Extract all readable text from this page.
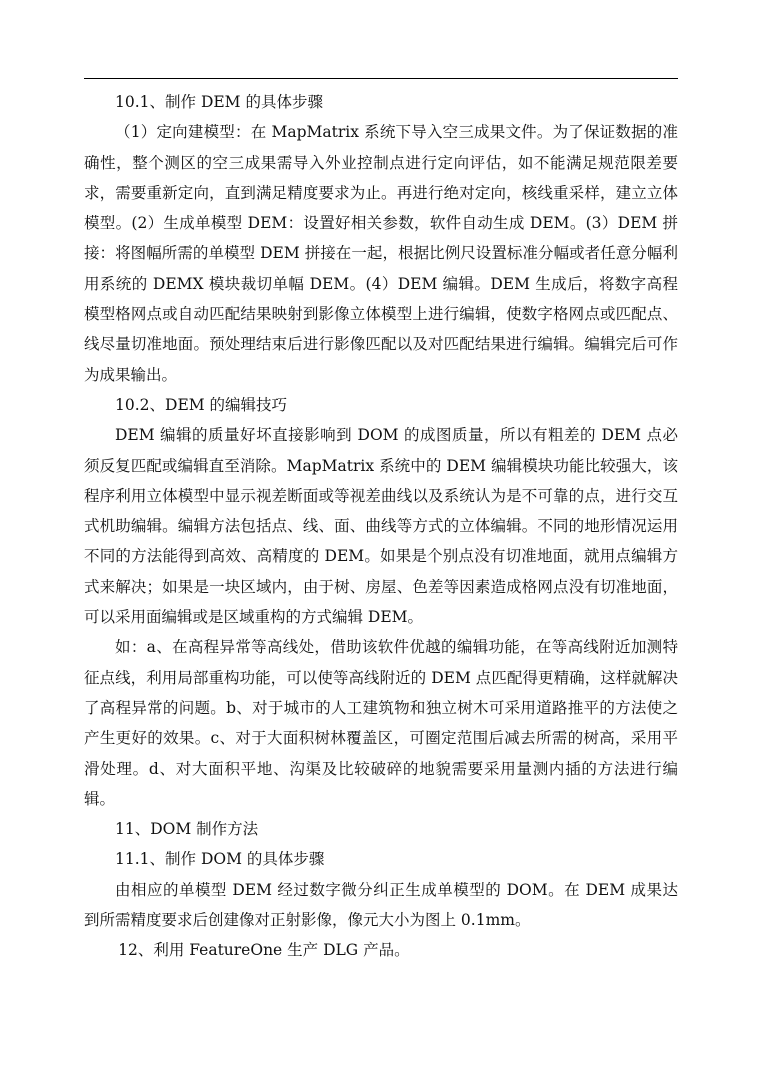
10.1、制作 DEM 的具体步骤

（1）定向建模型：在 MapMatrix 系统下导入空三成果文件。为了保证数据的准确性，整个测区的空三成果需导入外业控制点进行定向评估，如不能满足规范限差要求，需要重新定向，直到满足精度要求为止。再进行绝对定向，核线重采样，建立立体模型。(2）生成单模型 DEM：设置好相关参数，软件自动生成 DEM。(3）DEM 拼接：将图幅所需的单模型 DEM 拼接在一起，根据比例尺设置标准分幅或者任意分幅利用系统的 DEMX 模块裁切单幅 DEM。(4）DEM 编辑。DEM 生成后，将数字高程模型格网点或自动匹配结果映射到影像立体模型上进行编辑，使数字格网点或匹配点、线尽量切准地面。预处理结束后进行影像匹配以及对匹配结果进行编辑。编辑完后可作为成果输出。

10.2、DEM 的编辑技巧

DEM 编辑的质量好坏直接影响到 DOM 的成图质量，所以有粗差的 DEM 点必须反复匹配或编辑直至消除。MapMatrix 系统中的 DEM 编辑模块功能比较强大，该程序利用立体模型中显示视差断面或等视差曲线以及系统认为是不可靠的点，进行交互式机助编辑。编辑方法包括点、线、面、曲线等方式的立体编辑。不同的地形情况运用不同的方法能得到高效、高精度的 DEM。如果是个别点没有切准地面，就用点编辑方式来解决；如果是一块区域内，由于树、房屋、色差等因素造成格网点没有切准地面，可以采用面编辑或是区域重构的方式编辑 DEM。

如：a、在高程异常等高线处，借助该软件优越的编辑功能，在等高线附近加测特征点线，利用局部重构功能，可以使等高线附近的 DEM 点匹配得更精确，这样就解决了高程异常的问题。b、对于城市的人工建筑物和独立树木可采用道路推平的方法使之产生更好的效果。c、对于大面积树林覆盖区，可圈定范围后减去所需的树高，采用平滑处理。d、对大面积平地、沟渠及比较破碎的地貌需要采用量测内插的方法进行编辑。

11、DOM 制作方法

11.1、制作 DOM 的具体步骤

由相应的单模型 DEM 经过数字微分纠正生成单模型的 DOM。在 DEM 成果达到所需精度要求后创建像对正射影像，像元大小为图上 0.1mm。

12、利用 FeatureOne 生产 DLG 产品。
